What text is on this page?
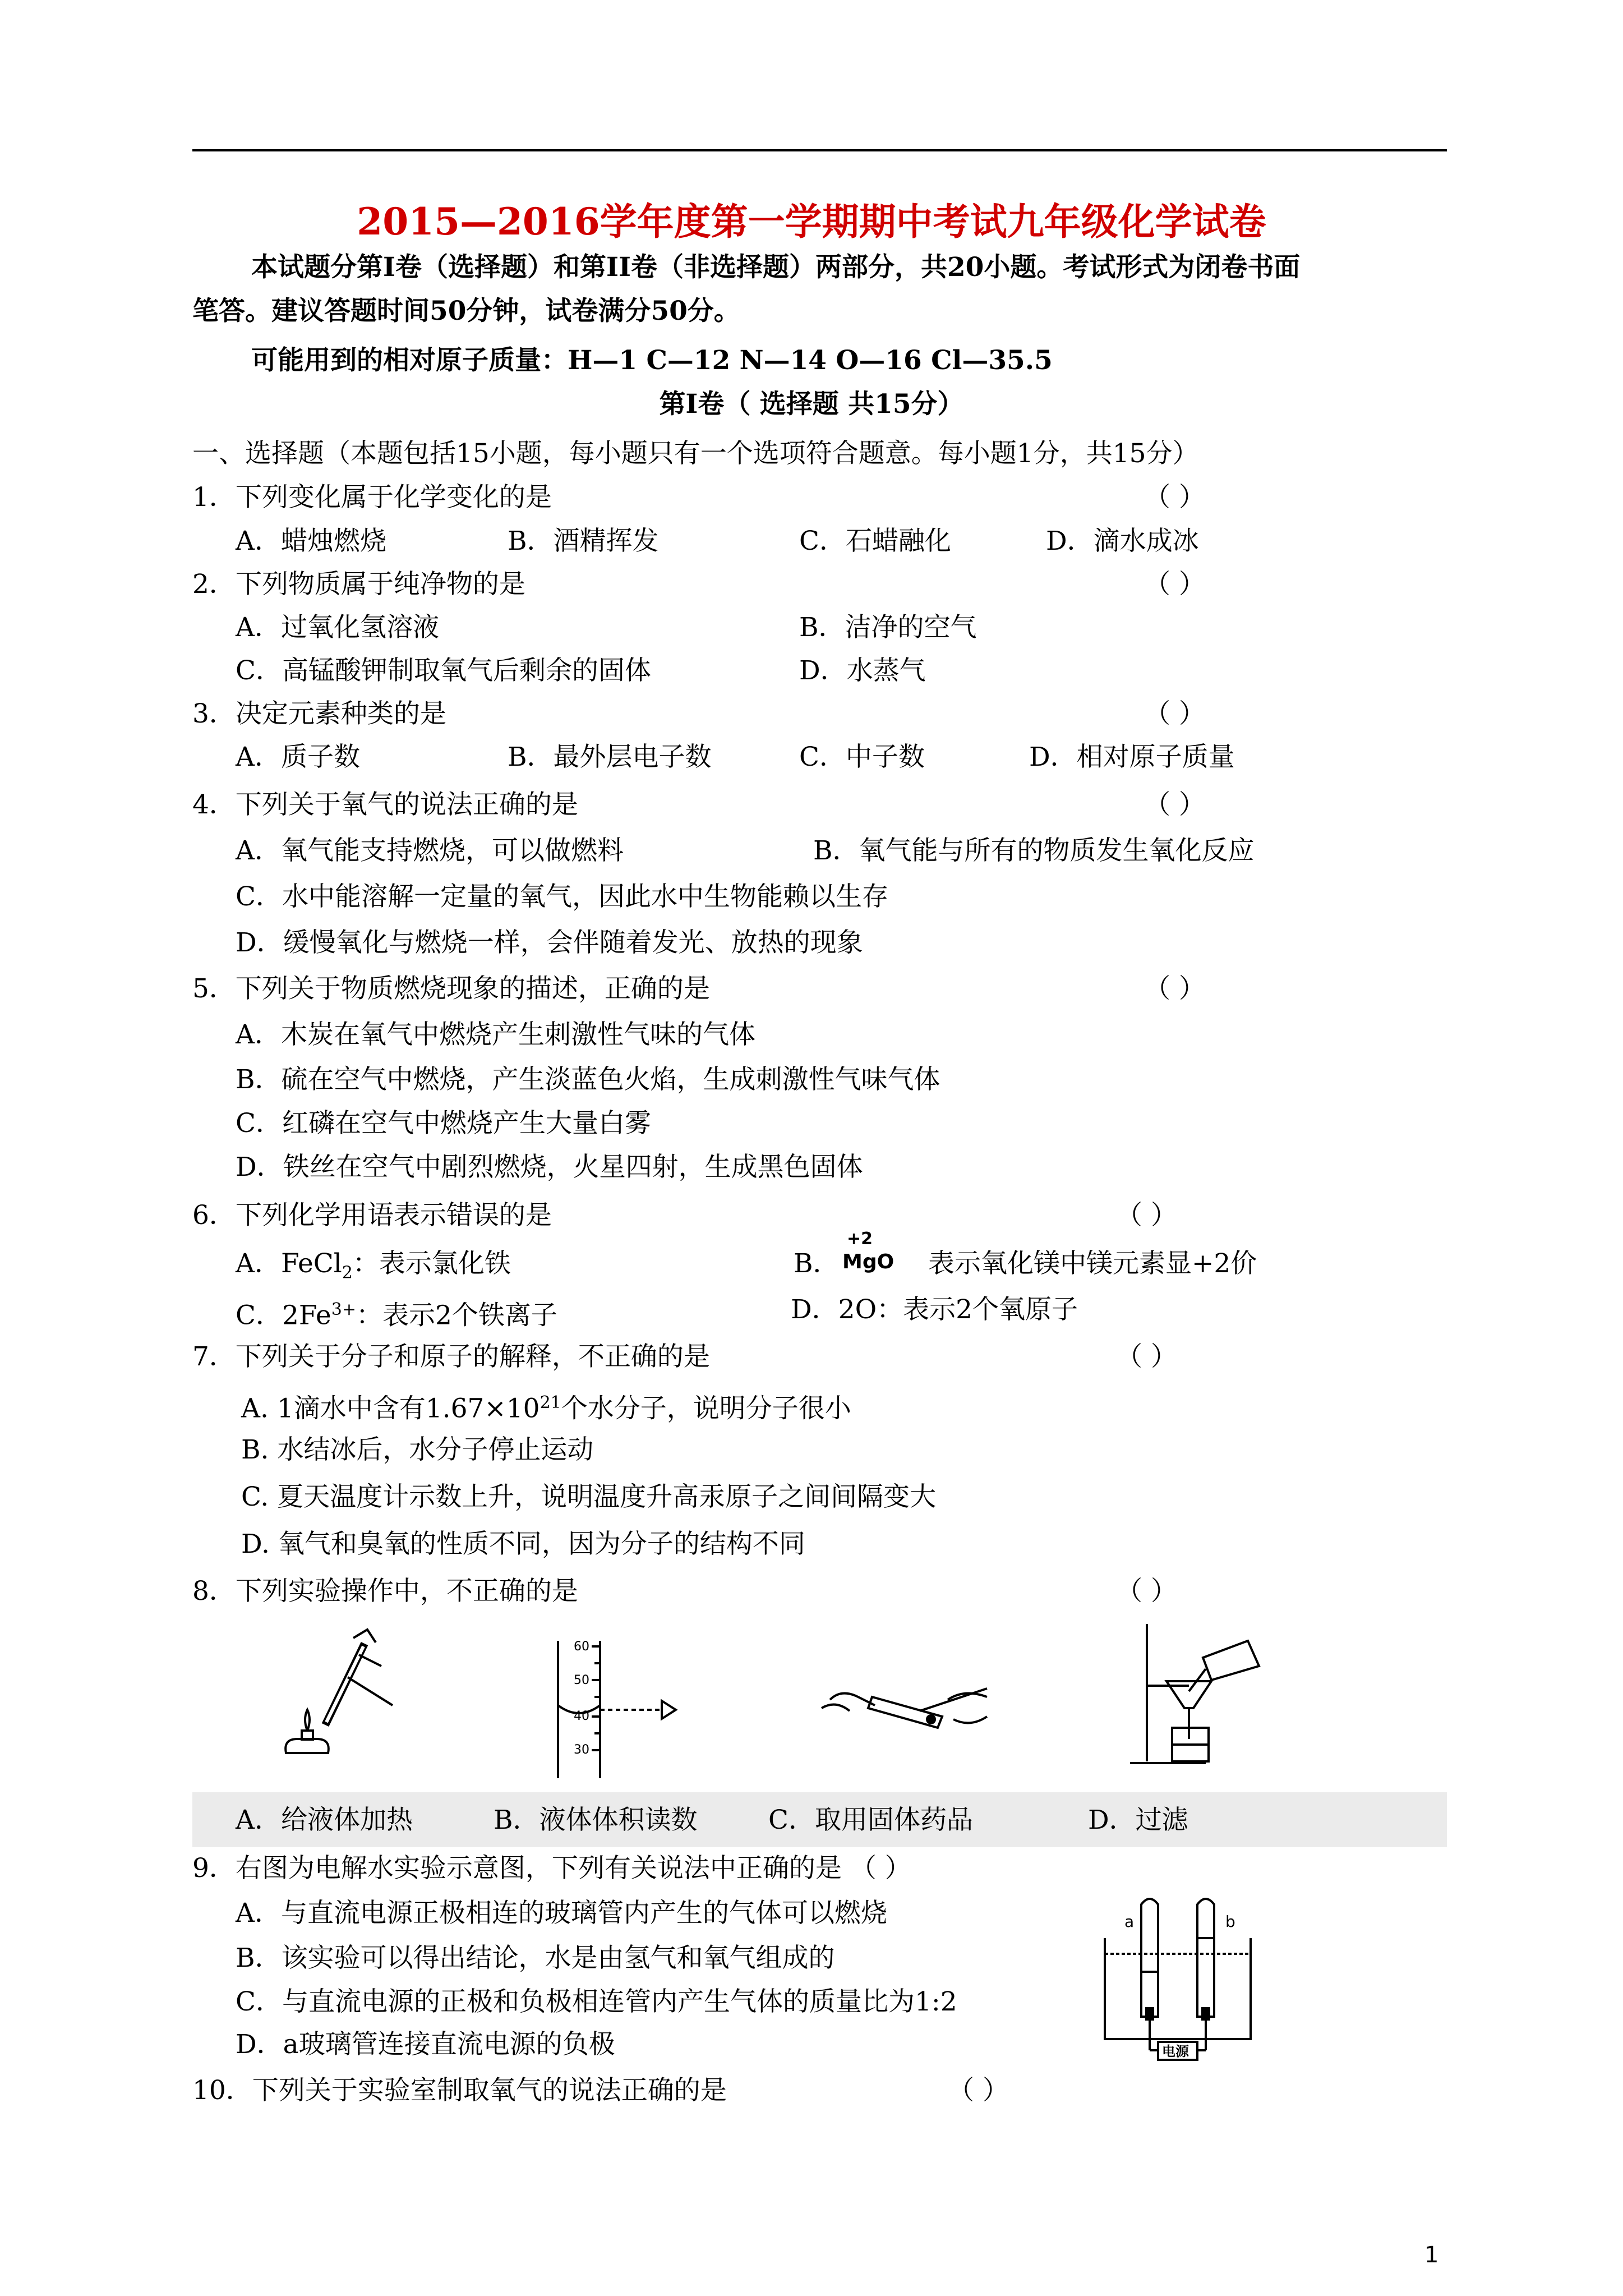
2015—2016学年度第一学期期中考试九年级化学试卷
本试题分第Ⅰ卷（选择题）和第II卷（非选择题）两部分，共20小题。考试形式为闭卷书面
笔答。建议答题时间50分钟，试卷满分50分。
可能用到的相对原子质量：H—1 C—12 N—14 O—16 Cl—35.5
第Ⅰ卷（ 选择题 共15分）
一、选择题（本题包括15小题，每小题只有一个选项符合题意。每小题1分，共15分）
1．下列变化属于化学变化的是	（ ）
A．蜡烛燃烧	B．酒精挥发	C．石蜡融化	D．滴水成冰
2．下列物质属于纯净物的是	（ ）
A．过氧化氢溶液	B．洁净的空气
C．高锰酸钾制取氧气后剩余的固体	D．水蒸气
3．决定元素种类的是	（ ）
A．质子数	B．最外层电子数	C．中子数	D．相对原子质量
4．下列关于氧气的说法正确的是	（ ）
A．氧气能支持燃烧，可以做燃料	B．氧气能与所有的物质发生氧化反应
C．水中能溶解一定量的氧气，因此水中生物能赖以生存
D．缓慢氧化与燃烧一样，会伴随着发光、放热的现象
5．下列关于物质燃烧现象的描述，正确的是	（ ）
A．木炭在氧气中燃烧产生刺激性气味的气体
B．硫在空气中燃烧，产生淡蓝色火焰，生成刺激性气味气体
C．红磷在空气中燃烧产生大量白雾
D．铁丝在空气中剧烈燃烧，火星四射，生成黑色固体
6．下列化学用语表示错误的是	（ ）
A．FeCl$_2$：表示氯化铁	B．
+2
MgO 表示氧化镁中镁元素显+2价
C．$2Fe^{3+}$：表示2个铁离子	D．2O：表示2个氧原子
7．下列关于分子和原子的解释，不正确的是	（ ）
A. 1滴水中含有$1.67\times 10^{21}$个水分子，说明分子很小
B. 水结冰后，水分子停止运动
C. 夏天温度计示数上升，说明温度升高汞原子之间间隔变大
D. 氧气和臭氧的性质不同，因为分子的结构不同
8．下列实验操作中，不正确的是	（ ）
60
50
40
30
A．给液体加热	B．液体体积读数	C．取用固体药品	D．过滤
9．右图为电解水实验示意图，下列有关说法中正确的是 （ ）
A．与直流电源正极相连的玻璃管内产生的气体可以燃烧
B．该实验可以得出结论，水是由氢气和氧气组成的
C．与直流电源的正极和负极相连管内产生气体的质量比为1:2
D．a玻璃管连接直流电源的负极
a	b
电源
10．下列关于实验室制取氧气的说法正确的是	（ ）
1
